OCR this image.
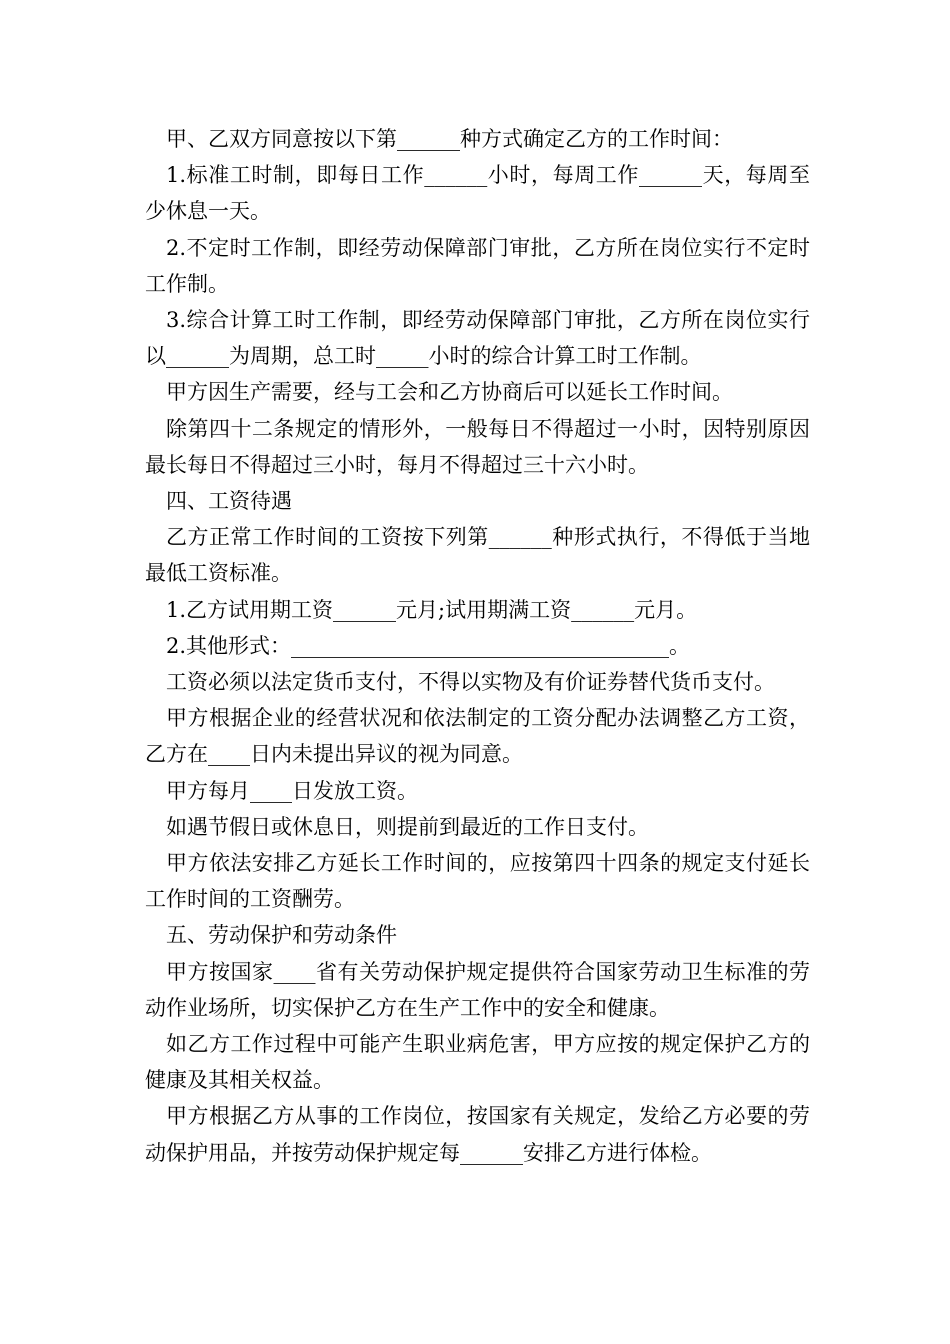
甲、乙双方同意按以下第______种方式确定乙方的工作时间：

1.标准工时制，即每日工作______小时，每周工作______天，每周至少休息一天。

2.不定时工作制，即经劳动保障部门审批，乙方所在岗位实行不定时工作制。

3.综合计算工时工作制，即经劳动保障部门审批，乙方所在岗位实行以______为周期，总工时_____小时的综合计算工时工作制。

甲方因生产需要，经与工会和乙方协商后可以延长工作时间。

除第四十二条规定的情形外，一般每日不得超过一小时，因特别原因最长每日不得超过三小时，每月不得超过三十六小时。

四、工资待遇

乙方正常工作时间的工资按下列第______种形式执行，不得低于当地最低工资标准。

1.乙方试用期工资______元月;试用期满工资______元月。

2.其他形式：____________________________________。

工资必须以法定货币支付，不得以实物及有价证券替代货币支付。

甲方根据企业的经营状况和依法制定的工资分配办法调整乙方工资，乙方在____日内未提出异议的视为同意。

甲方每月____日发放工资。

如遇节假日或休息日，则提前到最近的工作日支付。

甲方依法安排乙方延长工作时间的，应按第四十四条的规定支付延长工作时间的工资酬劳。

五、劳动保护和劳动条件

甲方按国家____省有关劳动保护规定提供符合国家劳动卫生标准的劳动作业场所，切实保护乙方在生产工作中的安全和健康。

如乙方工作过程中可能产生职业病危害，甲方应按的规定保护乙方的健康及其相关权益。

甲方根据乙方从事的工作岗位，按国家有关规定，发给乙方必要的劳动保护用品，并按劳动保护规定每______安排乙方进行体检。
